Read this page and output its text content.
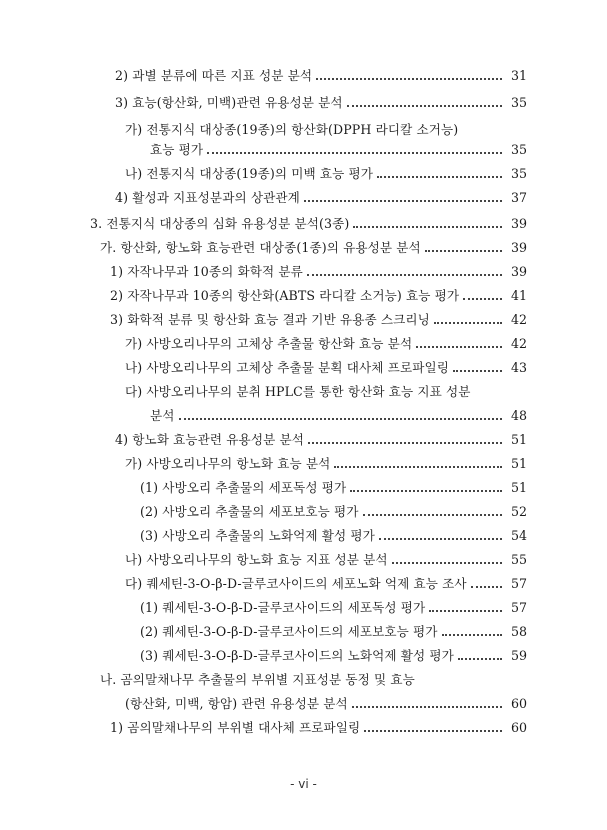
2) 과별 분류에 따른 지표 성분 분석	31
3) 효능(항산화, 미백)관련 유용성분 분석	35
가) 전통지식 대상종(19종)의 항산화(DPPH 라디칼 소거능)
효능 평가	35
나) 전통지식 대상종(19종)의 미백 효능 평가	35
4) 활성과 지표성분과의 상관관계	37
3. 전통지식 대상종의 심화 유용성분 분석(3종)	39
가. 항산화, 항노화 효능관련 대상종(1종)의 유용성분 분석	39
1) 자작나무과 10종의 화학적 분류	39
2) 자작나무과 10종의 항산화(ABTS 라디칼 소거능) 효능 평가	41
3) 화학적 분류 및 항산화 효능 결과 기반 유용종 스크리닝	42
가) 사방오리나무의 고체상 추출물 항산화 효능 분석	42
나) 사방오리나무의 고체상 추출물 분획 대사체 프로파일링	43
다) 사방오리나무의 분취 HPLC를 통한 항산화 효능 지표 성분
분석	48
4) 항노화 효능관련 유용성분 분석	51
가) 사방오리나무의 항노화 효능 분석	51
(1) 사방오리 추출물의 세포독성 평가	51
(2) 사방오리 추출물의 세포보호능 평가	52
(3) 사방오리 추출물의 노화억제 활성 평가	54
나) 사방오리나무의 항노화 효능 지표 성분 분석	55
다) 퀘세틴-3-O-β-D-글루코사이드의 세포노화 억제 효능 조사	57
(1) 퀘세틴-3-O-β-D-글루코사이드의 세포독성 평가	57
(2) 퀘세틴-3-O-β-D-글루코사이드의 세포보호능 평가	58
(3) 퀘세틴-3-O-β-D-글루코사이드의 노화억제 활성 평가	59
나. 곰의말채나무 추출물의 부위별 지표성분 동정 및 효능
(항산화, 미백, 항암) 관련 유용성분 분석	60
1) 곰의말채나무의 부위별 대사체 프로파일링	60
- vi -
